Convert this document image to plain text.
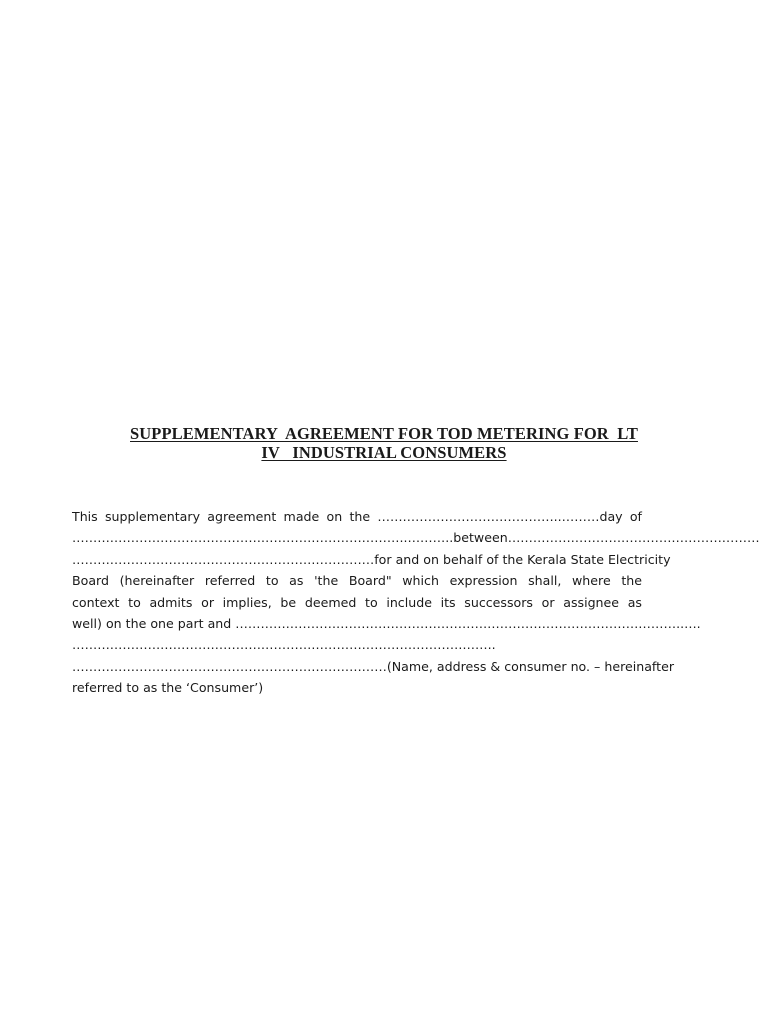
SUPPLEMENTARY  AGREEMENT FOR TOD METERING FOR  LT
IV   INDUSTRIAL CONSUMERS
This supplementary agreement made on the ……………………………………..………day of
……………………………………………………………………..………..between……………………………………………………
………………………………………………………………for and on behalf of the Kerala State Electricity
Board (hereinafter referred to as 'the Board" which expression shall, where the
context to admits or implies, be deemed to include its successors or assignee as
well) on the one part and ……………………………………………………………………………………………..….
………………………………………………………………………………………..
…………………………………………………………………(Name, address & consumer no. – hereinafter
referred to as the ‘Consumer’)
